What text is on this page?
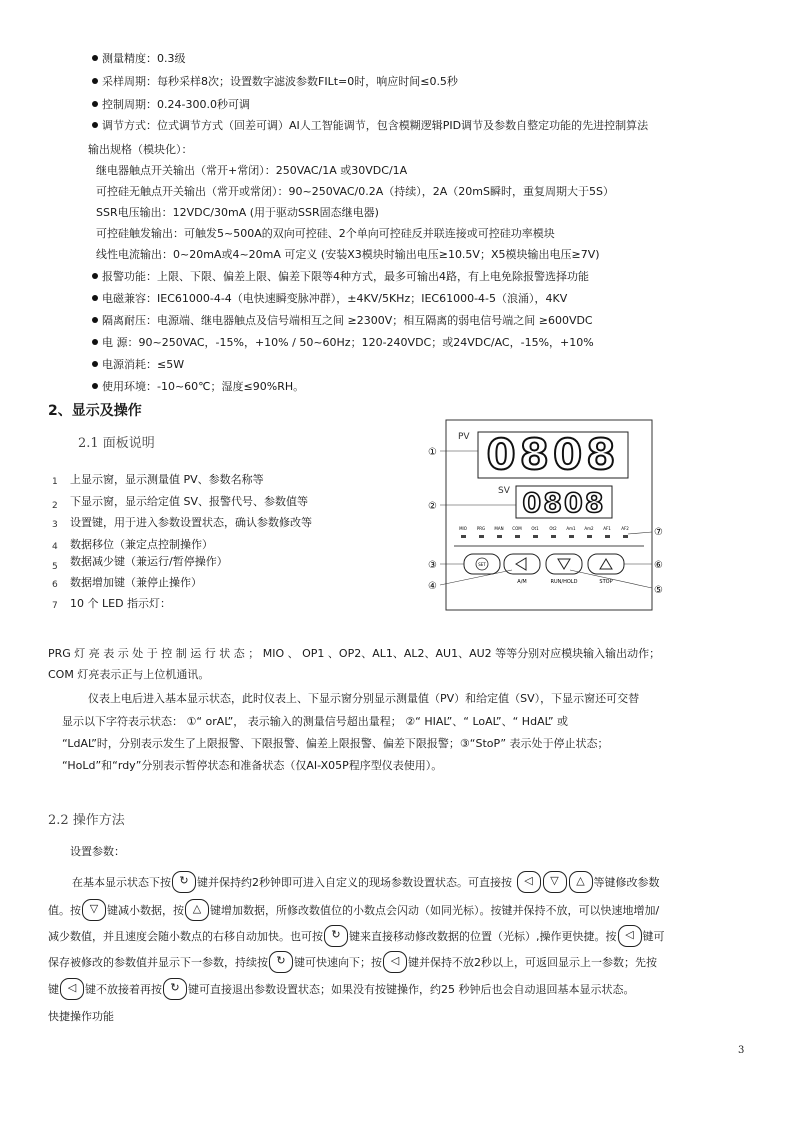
测量精度：0.3级
采样周期：每秒采样8次；设置数字滤波参数FILt=0时，响应时间≤0.5秒
控制周期：0.24-300.0秒可调
调节方式：位式调节方式（回差可调）AI人工智能调节，包含模糊逻辑PID调节及参数自整定功能的先进控制算法
输出规格（模块化）：
继电器触点开关输出（常开+常闭）：250VAC/1A 或30VDC/1A
可控硅无触点开关输出（常开或常闭）：90~250VAC/0.2A（持续），2A（20mS瞬时，重复周期大于5S）
SSR电压输出：12VDC/30mA (用于驱动SSR固态继电器)
可控硅触发输出：可触发5~500A的双向可控硅、2个单向可控硅反并联连接或可控硅功率模块
线性电流输出：0~20mA或4~20mA 可定义 (安装X3模块时输出电压≥10.5V；X5模块输出电压≥7V)
报警功能：上限、下限、偏差上限、偏差下限等4种方式，最多可输出4路，有上电免除报警选择功能
电磁兼容：IEC61000-4-4（电快速瞬变脉冲群），±4KV/5KHz；IEC61000-4-5（浪涌），4KV
隔离耐压：电源端、继电器触点及信号端相互之间 ≥2300V；相互隔离的弱电信号端之间 ≥600VDC
电 源：90~250VAC，-15%，+10% / 50~60Hz；120-240VDC；或24VDC/AC，-15%，+10%
电源消耗：≤5W
使用环境：-10~60℃；湿度≤90%RH。
2、显示及操作
2.1 面板说明
1 上显示窗，显示测量值 PV、参数名称等
2 下显示窗，显示给定值 SV、报警代号、参数值等
3 设置键，用于进入参数设置状态，确认参数修改等
4 数据移位（兼定点控制操作）
5 数据减少键（兼运行/暂停操作）
6 数据增加键（兼停止操作）
7 10 个 LED 指示灯：
PV 0808
SV 0808
MIO PRG MAN COM Ot1	Ot2 Am1 Am2 AF1	AF2
SET
A/M	RUN/HOLD	STOP
①
②
③
④	⑤
⑥
⑦
PRG 灯 亮 表 示 处 于 控 制 运 行 状 态 ； MIO 、 OP1 、OP2、AL1、AL2、AU1、AU2 等等分别对应模块输入输出动作；
COM 灯亮表示正与上位机通讯。
仪表上电后进入基本显示状态，此时仪表上、下显示窗分别显示测量值（PV）和给定值（SV），下显示窗还可交替
显示以下字符表示状态： ①“ orAL”， 表示输入的测量信号超出量程； ②“ HIAL”、“ LoAL”、“ HdAL” 或
“LdAL”时，分别表示发生了上限报警、下限报警、偏差上限报警、偏差下限报警；③“StoP” 表示处于停止状态；
“HoLd”和“rdy”分别表示暂停状态和准备状态（仅AI-X05P程序型仪表使用）。
2.2 操作方法
设置参数：
在基本显示状态下按 ↻ 键并保持约2秒钟即可进入自定义的现场参数设置状态。可直接按 ◁ ▽ △ 等键修改参数
值。按 ▽ 键减小数据，按 △ 键增加数据，所修改数值位的小数点会闪动（如同光标）。按键并保持不放，可以快速地增加/
减少数值，并且速度会随小数点的右移自动加快。也可按 ↻ 键来直接移动修改数据的位置（光标）,操作更快捷。按 ◁ 键可
保存被修改的参数值并显示下一参数，持续按 ↻ 键可快速向下；按 ◁ 键并保持不放2秒以上，可返回显示上一参数；先按
键 ◁ 键不放接着再按 ↻ 键可直接退出参数设置状态；如果没有按键操作，约25 秒钟后也会自动退回基本显示状态。
快捷操作功能
3
